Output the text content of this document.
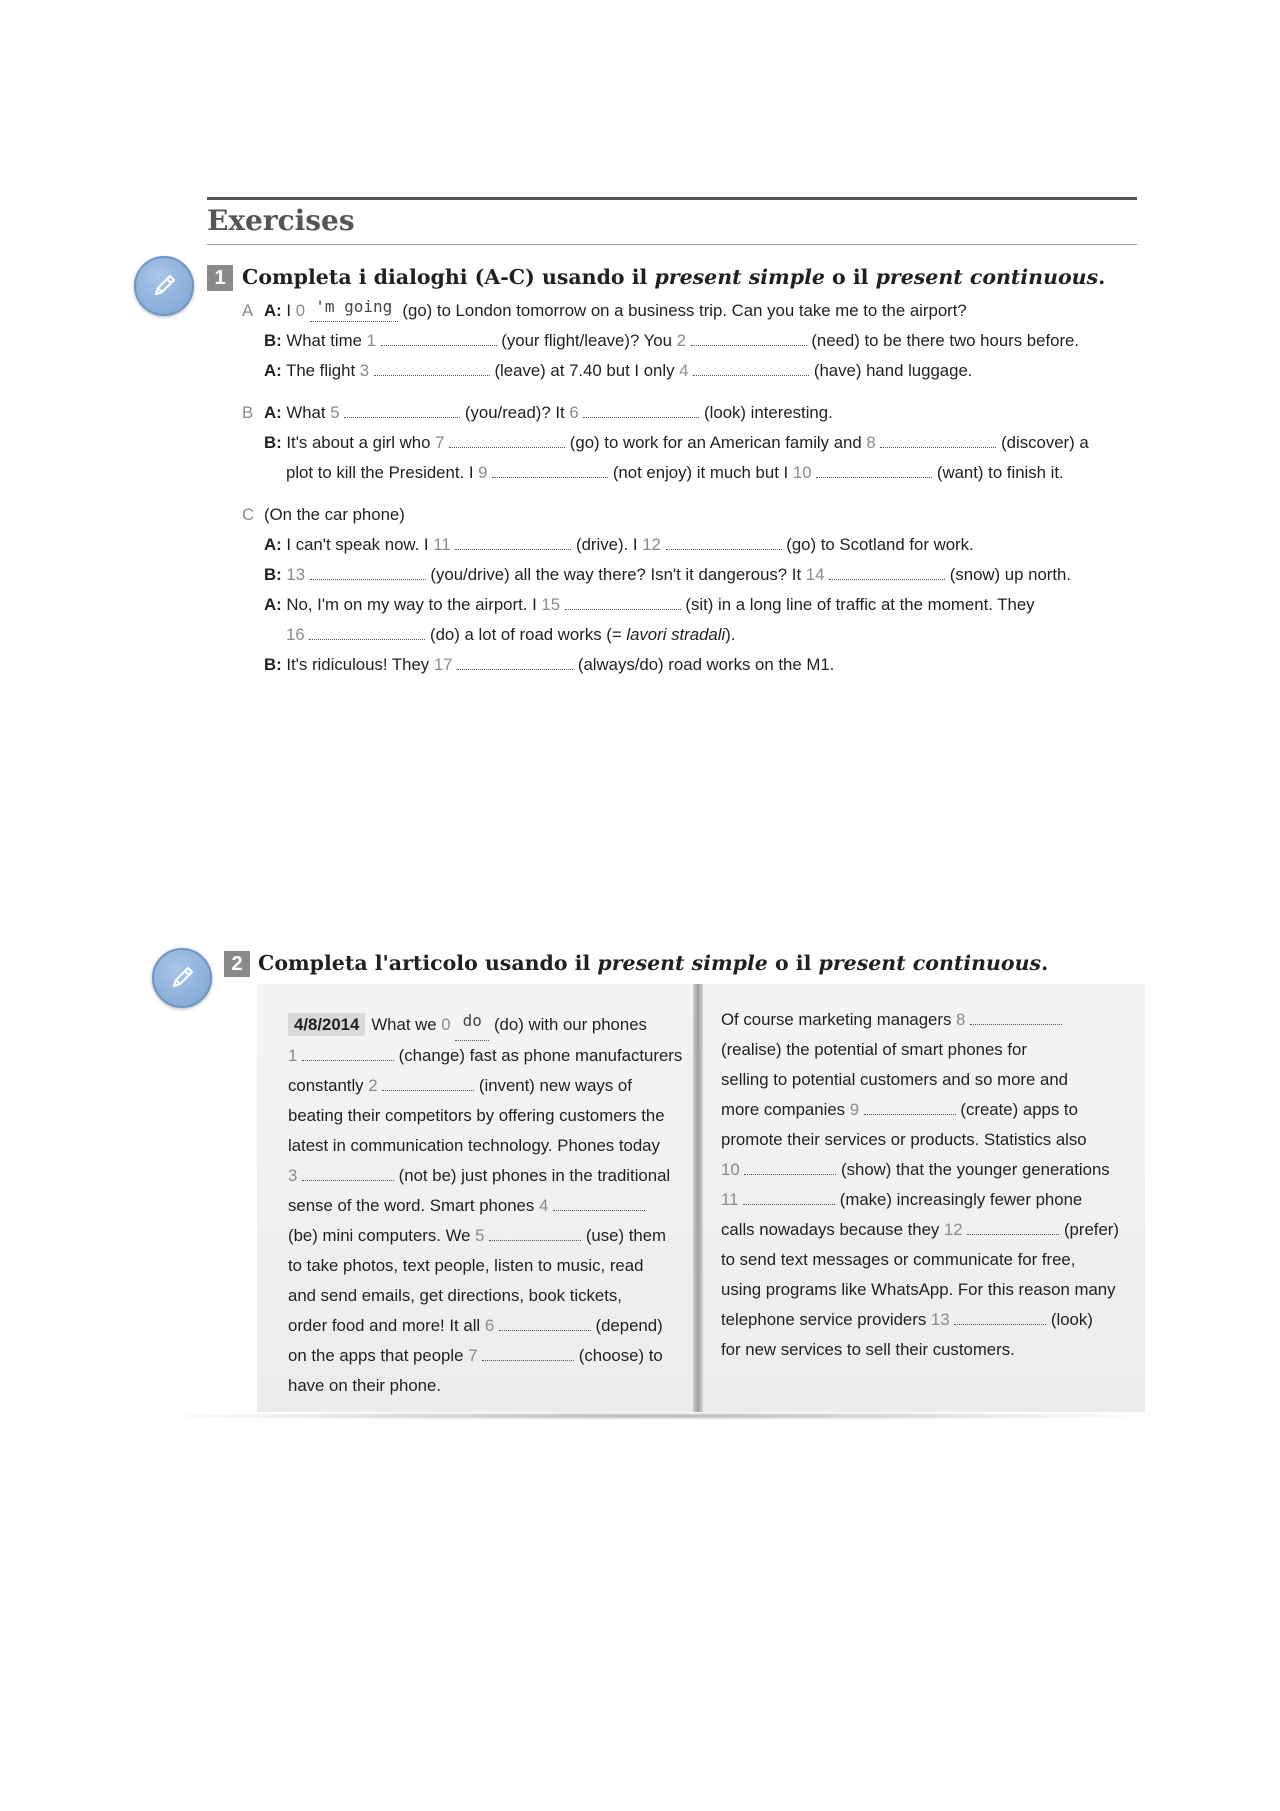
Exercises
1 Completa i dialoghi (A-C) usando il present simple o il present continuous.
A A: I 0 'm going (go) to London tomorrow on a business trip. Can you take me to the airport?
B: What time 1	(your flight/leave)? You 2	(need) to be there two hours before.
A: The flight 3	(leave) at 7.40 but I only 4	(have) hand luggage.
B A: What 5	(you/read)? It 6	(look) interesting.
B: It's about a girl who 7	(go) to work for an American family and 8	(discover) a
plot to kill the President. I 9	(not enjoy) it much but I 10	(want) to finish it.
C (On the car phone)
A: I can't speak now. I 11	(drive). I 12	(go) to Scotland for work.
B: 13	(you/drive) all the way there? Isn't it dangerous? It 14	(snow) up north.
A: No, I'm on my way to the airport. I 15	(sit) in a long line of traffic at the moment. They
16	(do) a lot of road works (= lavori stradali).
B: It's ridiculous! They 17	(always/do) road works on the M1.
2 Completa l'articolo usando il present simple o il present continuous.
4/8/2014 What we 0 do (do) with our phones
1	(change) fast as phone manufacturers
constantly 2	(invent) new ways of
beating their competitors by offering customers the
latest in communication technology. Phones today
3	(not be) just phones in the traditional
sense of the word. Smart phones 4
(be) mini computers. We 5	(use) them
to take photos, text people, listen to music, read
and send emails, get directions, book tickets,
order food and more! It all 6	(depend)
on the apps that people 7	(choose) to
have on their phone.
Of course marketing managers 8
(realise) the potential of smart phones for
selling to potential customers and so more and
more companies 9	(create) apps to
promote their services or products. Statistics also
10	(show) that the younger generations
11	(make) increasingly fewer phone
calls nowadays because they 12	(prefer)
to send text messages or communicate for free,
using programs like WhatsApp. For this reason many
telephone service providers 13	(look)
for new services to sell their customers.
